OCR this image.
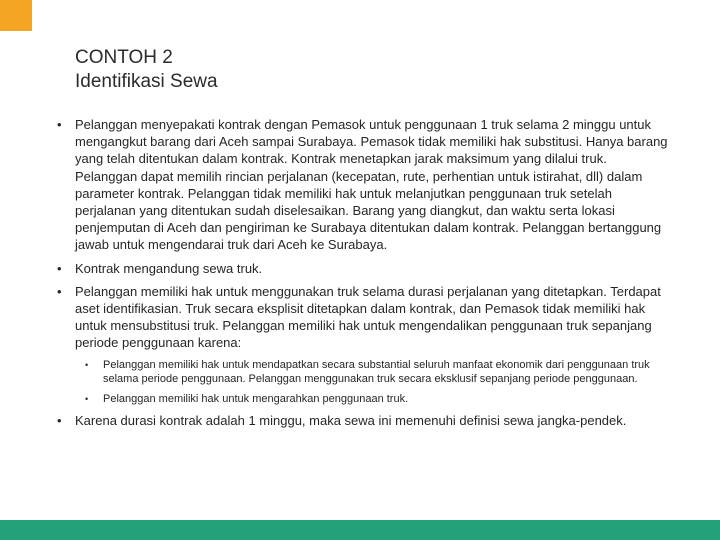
CONTOH 2
Identifikasi Sewa
• Pelanggan menyepakati kontrak dengan Pemasok untuk penggunaan 1 truk selama 2 minggu untuk mengangkut barang dari Aceh sampai Surabaya. Pemasok tidak memiliki hak substitusi. Hanya barang yang telah ditentukan dalam kontrak. Kontrak menetapkan jarak maksimum yang dilalui truk. Pelanggan dapat memilih rincian perjalanan (kecepatan, rute, perhentian untuk istirahat, dll) dalam parameter kontrak. Pelanggan tidak memiliki hak untuk melanjutkan penggunaan truk setelah perjalanan yang ditentukan sudah diselesaikan. Barang yang diangkut, dan waktu serta lokasi penjemputan di Aceh dan pengiriman ke Surabaya ditentukan dalam kontrak. Pelanggan bertanggung jawab untuk mengendarai truk dari Aceh ke Surabaya.
• Kontrak mengandung sewa truk.
• Pelanggan memiliki hak untuk menggunakan truk selama durasi perjalanan yang ditetapkan. Terdapat aset identifikasian. Truk secara eksplisit ditetapkan dalam kontrak, dan Pemasok tidak memiliki hak untuk mensubstitusi truk. Pelanggan memiliki hak untuk mengendalikan penggunaan truk sepanjang periode penggunaan karena:
• Pelanggan memiliki hak untuk mendapatkan secara substantial seluruh manfaat ekonomik dari penggunaan truk selama periode penggunaan. Pelanggan menggunakan truk secara eksklusif sepanjang periode penggunaan.
• Pelanggan memiliki hak untuk mengarahkan penggunaan truk.
• Karena durasi kontrak adalah 1 minggu, maka sewa ini memenuhi definisi sewa jangka-pendek.
